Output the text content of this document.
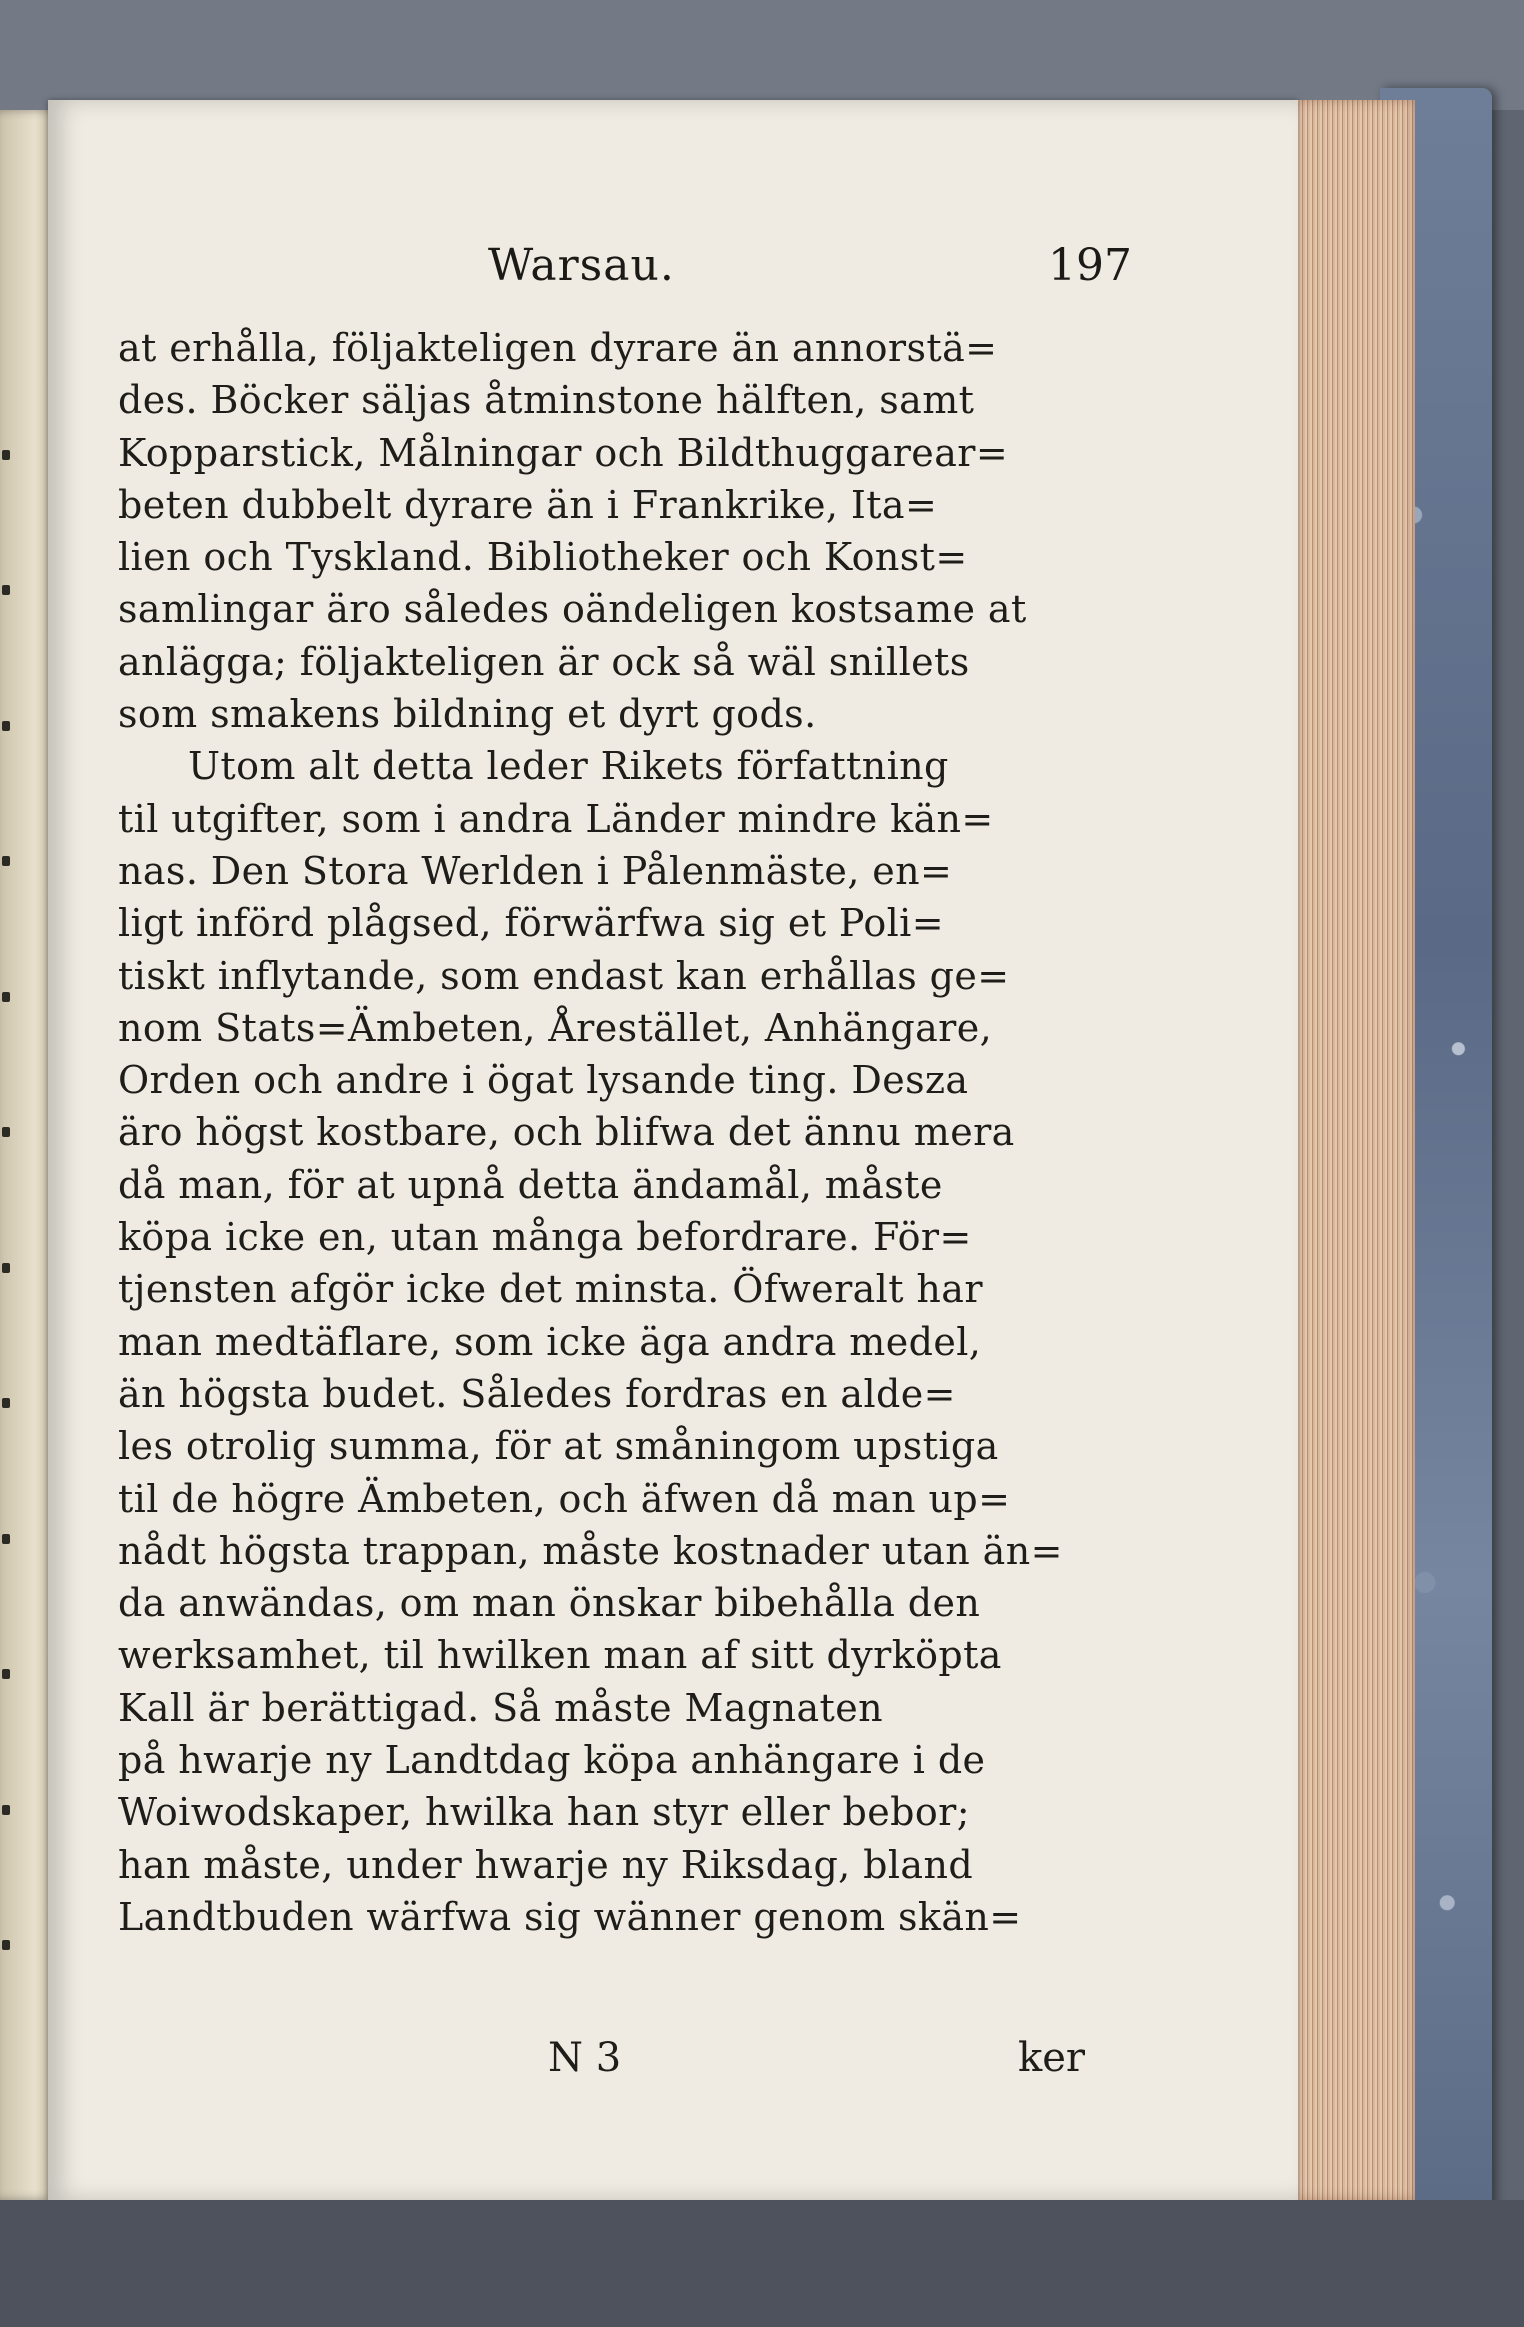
Warsau.	197
at erhålla, följakteligen dyrare än annorstä=
des. Böcker säljas åtminstone hälften, samt
Kopparstick, Målningar och Bildthuggarear=
beten dubbelt dyrare än i Frankrike, Ita=
lien och Tyskland. Bibliotheker och Konst=
samlingar äro således oändeligen kostsame at
anlägga; följakteligen är ock så wäl snillets
som smakens bildning et dyrt gods.
Utom alt detta leder Rikets författning
til utgifter, som i andra Länder mindre kän=
nas. Den Stora Werlden i Pålenmäste, en=
ligt införd plågsed, förwärfwa sig et Poli=
tiskt inflytande, som endast kan erhållas ge=
nom Stats=Ämbeten, Årestället, Anhängare,
Orden och andre i ögat lysande ting. Desza
äro högst kostbare, och blifwa det ännu mera
då man, för at upnå detta ändamål, måste
köpa icke en, utan många befordrare. För=
tjensten afgör icke det minsta. Öfweralt har
man medtäflare, som icke äga andra medel,
än högsta budet. Således fordras en alde=
les otrolig summa, för at småningom upstiga
til de högre Ämbeten, och äfwen då man up=
nådt högsta trappan, måste kostnader utan än=
da anwändas, om man önskar bibehålla den
werksamhet, til hwilken man af sitt dyrköpta
Kall är berättigad. Så måste Magnaten
på hwarje ny Landtdag köpa anhängare i de
Woiwodskaper, hwilka han styr eller bebor;
han måste, under hwarje ny Riksdag, bland
Landtbuden wärfwa sig wänner genom skän=
N 3	ker
